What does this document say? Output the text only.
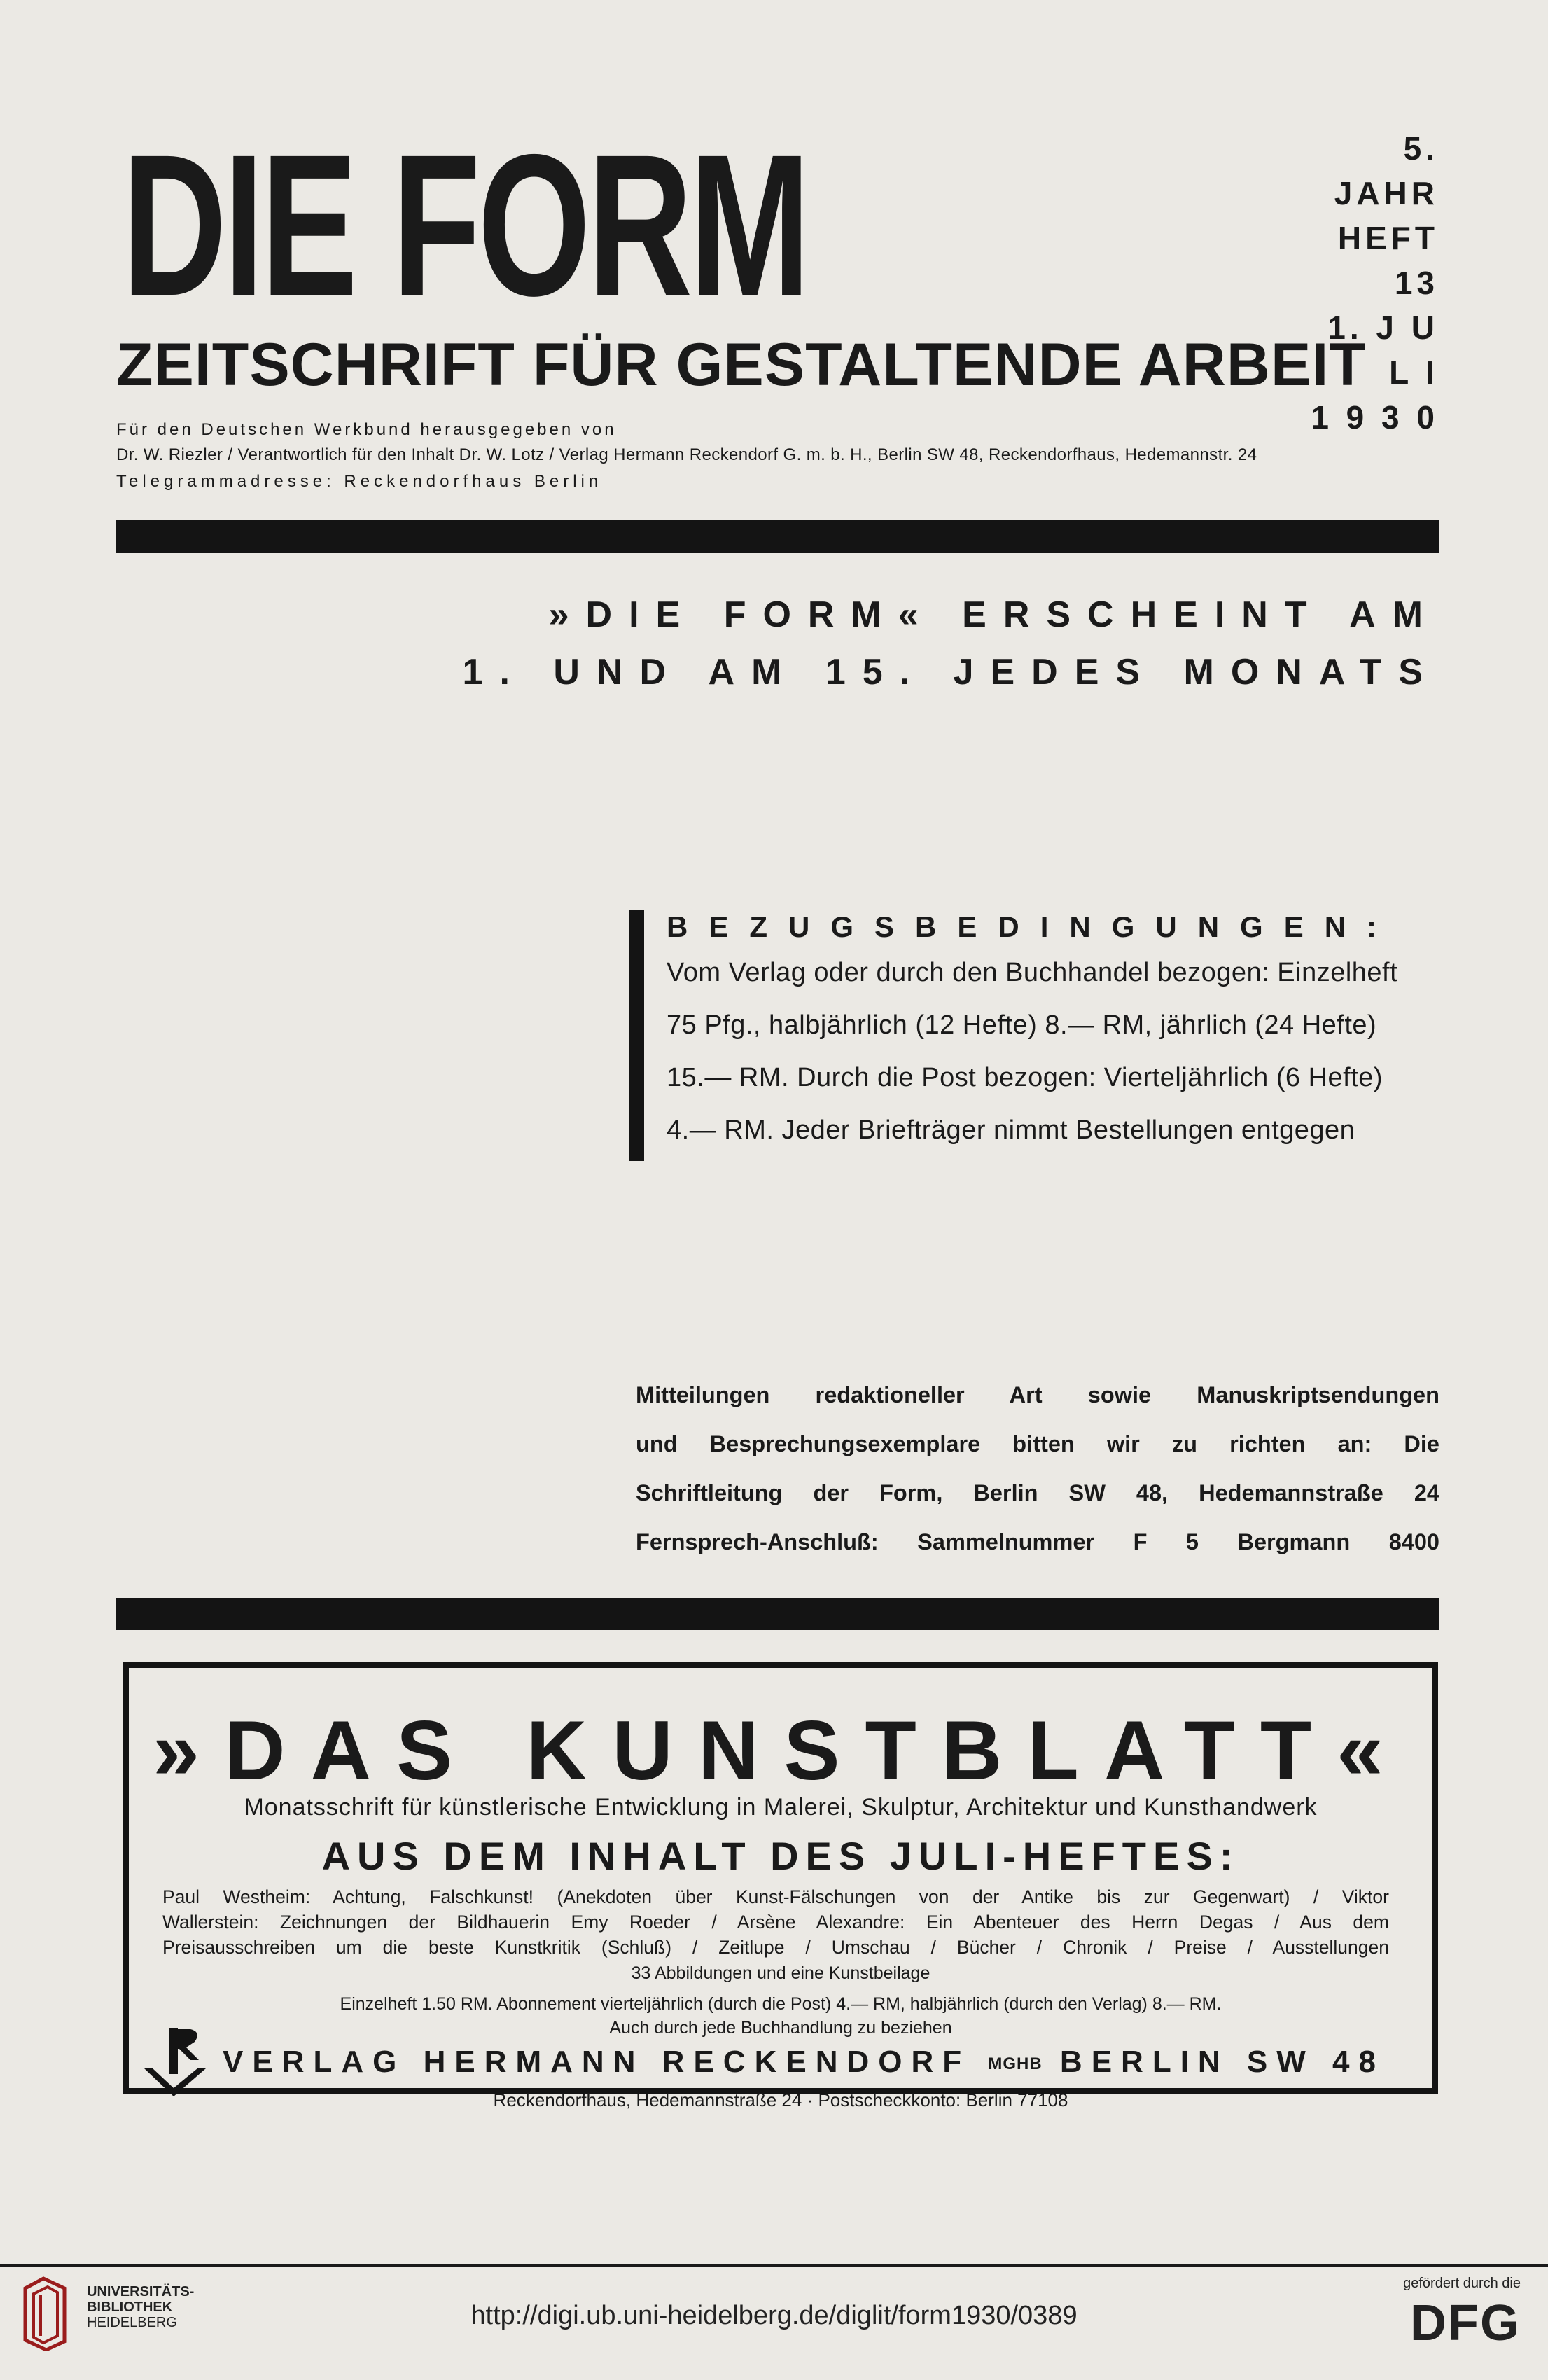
DIE FORM	5. JAHR
HEFT 13
1. J U L I
1 9 3 0
ZEITSCHRIFT FÜR GESTALTENDE ARBEIT
Für den Deutschen Werkbund herausgegeben von
Dr. W. Riezler / Verantwortlich für den Inhalt Dr. W. Lotz / Verlag Hermann Reckendorf G. m. b. H., Berlin SW 48, Reckendorfhaus, Hedemannstr. 24
Telegrammadresse: Reckendorfhaus Berlin
»DIE FORM« ERSCHEINT AM
1. UND AM 15. JEDES MONATS
BEZUGSBEDINGUNGEN:
Vom Verlag oder durch den Buchhandel bezogen: Einzelheft
75 Pfg., halbjährlich (12 Hefte) 8.— RM, jährlich (24 Hefte)
15.— RM. Durch die Post bezogen: Vierteljährlich (6 Hefte)
4.— RM. Jeder Briefträger nimmt Bestellungen entgegen
Mitteilungen redaktioneller Art sowie Manuskriptsendungen
und Besprechungsexemplare bitten wir zu richten an: Die
Schriftleitung der Form, Berlin SW 48, Hedemannstraße 24
Fernsprech-Anschluß: Sammelnummer F 5 Bergmann 8400
»DAS KUNSTBLATT«
Monatsschrift für künstlerische Entwicklung in Malerei, Skulptur, Architektur und Kunsthandwerk
AUS DEM INHALT DES JULI-HEFTES:
Paul Westheim: Achtung, Falschkunst! (Anekdoten über Kunst-Fälschungen von der Antike bis zur Gegenwart) / Viktor
Wallerstein: Zeichnungen der Bildhauerin Emy Roeder / Arsène Alexandre: Ein Abenteuer des Herrn Degas / Aus dem
Preisausschreiben um die beste Kunstkritik (Schluß) / Zeitlupe / Umschau / Bücher / Chronik / Preise / Ausstellungen
33 Abbildungen und eine Kunstbeilage
Einzelheft 1.50 RM. Abonnement vierteljährlich (durch die Post) 4.— RM, halbjährlich (durch den Verlag) 8.— RM.
Auch durch jede Buchhandlung zu beziehen
VERLAG HERMANN RECKENDORF MGHB BERLIN SW 48
Reckendorfhaus, Hedemannstraße 24 · Postscheckkonto: Berlin 77108
UNIVERSITÄTS-
BIBLIOTHEK
HEIDELBERG	http://digi.ub.uni-heidelberg.de/diglit/form1930/0389
gefördert durch die
DFG
